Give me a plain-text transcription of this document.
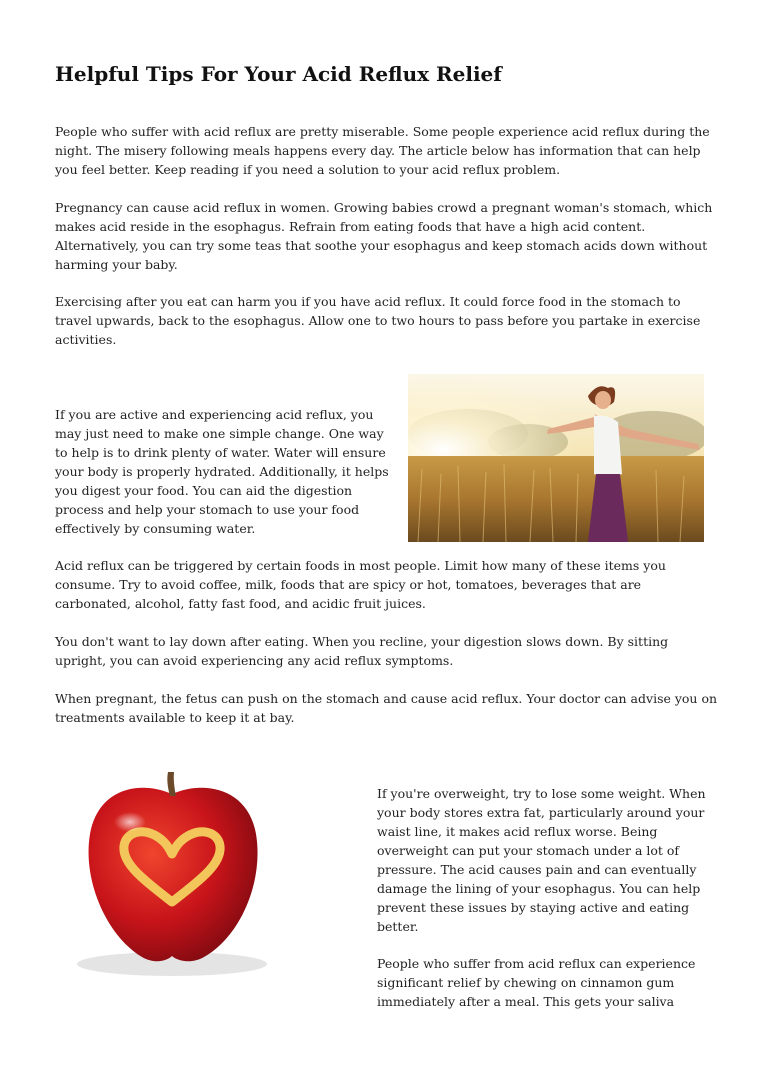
Helpful Tips For Your Acid Reflux Relief

People who suffer with acid reflux are pretty miserable. Some people experience acid reflux during the night. The misery following meals happens every day. The article below has information that can help you feel better. Keep reading if you need a solution to your acid reflux problem.

Pregnancy can cause acid reflux in women. Growing babies crowd a pregnant woman's stomach, which makes acid reside in the esophagus. Refrain from eating foods that have a high acid content. Alternatively, you can try some teas that soothe your esophagus and keep stomach acids down without harming your baby.

Exercising after you eat can harm you if you have acid reflux. It could force food in the stomach to travel upwards, back to the esophagus. Allow one to two hours to pass before you partake in exercise activities.

If you are active and experiencing acid reflux, you may just need to make one simple change. One way to help is to drink plenty of water. Water will ensure your body is properly hydrated. Additionally, it helps you digest your food. You can aid the digestion process and help your stomach to use your food effectively by consuming water.

Acid reflux can be triggered by certain foods in most people. Limit how many of these items you consume. Try to avoid coffee, milk, foods that are spicy or hot, tomatoes, beverages that are carbonated, alcohol, fatty fast food, and acidic fruit juices.

You don't want to lay down after eating. When you recline, your digestion slows down. By sitting upright, you can avoid experiencing any acid reflux symptoms.

When pregnant, the fetus can push on the stomach and cause acid reflux. Your doctor can advise you on treatments available to keep it at bay.

If you're overweight, try to lose some weight. When your body stores extra fat, particularly around your waist line, it makes acid reflux worse. Being overweight can put your stomach under a lot of pressure. The acid causes pain and can eventually damage the lining of your esophagus. You can help prevent these issues by staying active and eating better.

People who suffer from acid reflux can experience significant relief by chewing on cinnamon gum immediately after a meal. This gets your saliva
